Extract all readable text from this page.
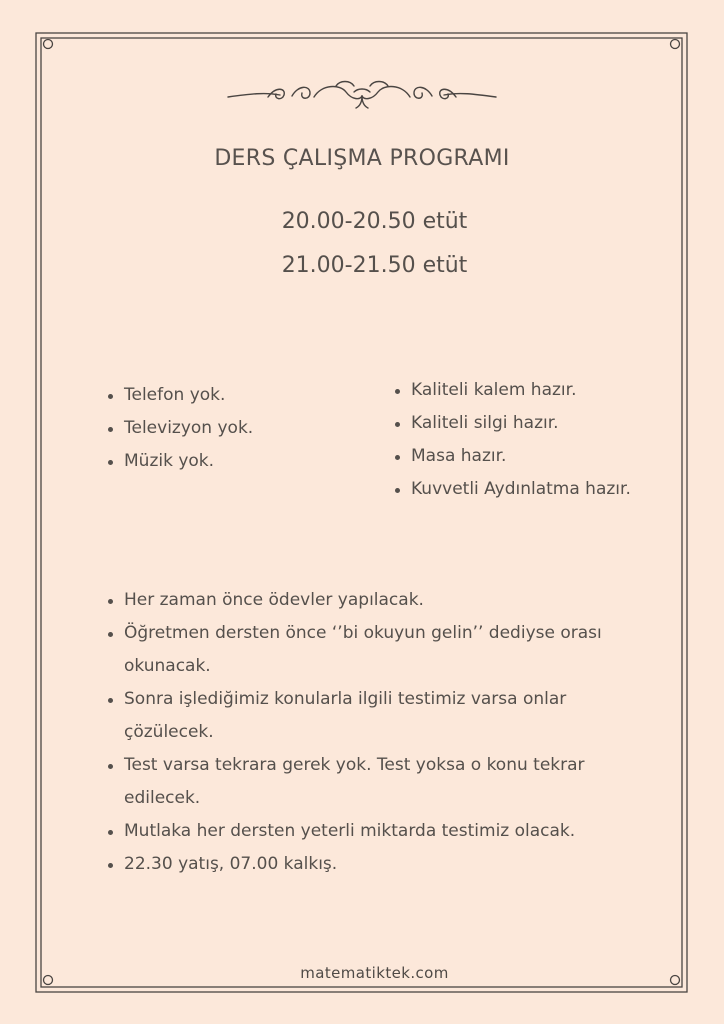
DERS ÇALIŞMA PROGRAMI
20.00-20.50 etüt
21.00-21.50 etüt
Telefon yok.
Televizyon yok.
Müzik yok.
Kaliteli kalem hazır.
Kaliteli silgi hazır.
Masa hazır.
Kuvvetli Aydınlatma hazır.
Her zaman önce ödevler yapılacak.
Öğretmen dersten önce ‘’bi okuyun gelin’’ dediyse orası okunacak.
Sonra işlediğimiz konularla ilgili testimiz varsa onlar çözülecek.
Test varsa tekrara gerek yok. Test yoksa o konu tekrar edilecek.
Mutlaka her dersten yeterli miktarda testimiz olacak.
22.30 yatış, 07.00 kalkış.
matematiktek.com
